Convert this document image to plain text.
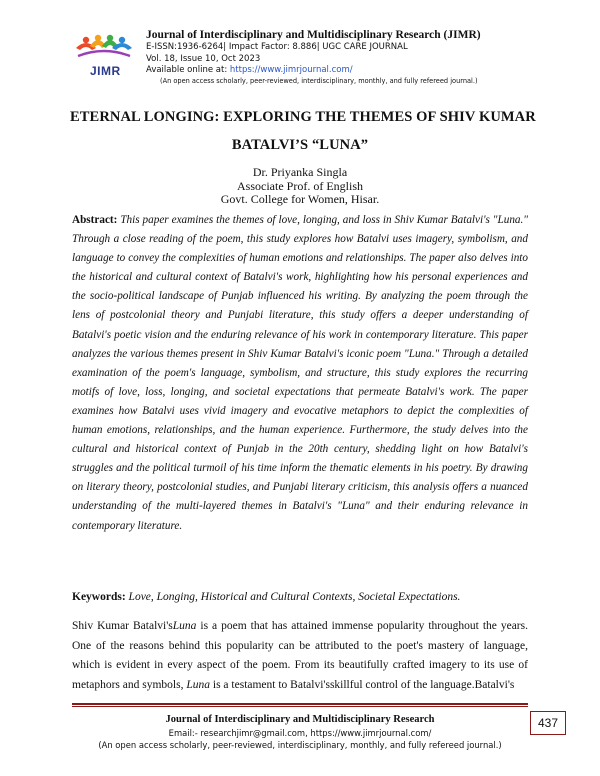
JIMR
Journal of Interdisciplinary and Multidisciplinary Research (JIMR)
E-ISSN:1936-6264| Impact Factor: 8.886| UGC CARE JOURNAL
Vol. 18, Issue 10, Oct 2023
Available online at: https://www.jimrjournal.com/
(An open access scholarly, peer-reviewed, interdisciplinary, monthly, and fully refereed journal.)
ETERNAL LONGING: EXPLORING THE THEMES OF SHIV KUMAR
BATALVI’S “LUNA”
Dr. Priyanka Singla
Associate Prof. of English
Govt. College for Women, Hisar.
Abstract: This paper examines the themes of love, longing, and loss in Shiv Kumar Batalvi's "Luna." Through a close reading of the poem, this study explores how Batalvi uses imagery, symbolism, and language to convey the complexities of human emotions and relationships. The paper also delves into the historical and cultural context of Batalvi's work, highlighting how his personal experiences and the socio-political landscape of Punjab influenced his writing. By analyzing the poem through the lens of postcolonial theory and Punjabi literature, this study offers a deeper understanding of Batalvi's poetic vision and the enduring relevance of his work in contemporary literature. This paper analyzes the various themes present in Shiv Kumar Batalvi's iconic poem "Luna." Through a detailed examination of the poem's language, symbolism, and structure, this study explores the recurring motifs of love, loss, longing, and societal expectations that permeate Batalvi's work. The paper examines how Batalvi uses vivid imagery and evocative metaphors to depict the complexities of human emotions, relationships, and the human experience. Furthermore, the study delves into the cultural and historical context of Punjab in the 20th century, shedding light on how Batalvi's struggles and the political turmoil of his time inform the thematic elements in his poetry. By drawing on literary theory, postcolonial studies, and Punjabi literary criticism, this analysis offers a nuanced understanding of the multi-layered themes in Batalvi's "Luna" and their enduring relevance in contemporary literature.
Keywords: Love, Longing, Historical and Cultural Contexts, Societal Expectations.
Shiv Kumar Batalvi'sLuna is a poem that has attained immense popularity throughout the years. One of the reasons behind this popularity can be attributed to the poet's mastery of language, which is evident in every aspect of the poem. From its beautifully crafted imagery to its use of metaphors and symbols, Luna is a testament to Batalvi'sskillful control of the language.Batalvi's
Journal of Interdisciplinary and Multidisciplinary Research
Email:- researchjimr@gmail.com, https://www.jimrjournal.com/
(An open access scholarly, peer-reviewed, interdisciplinary, monthly, and fully refereed journal.)
437
